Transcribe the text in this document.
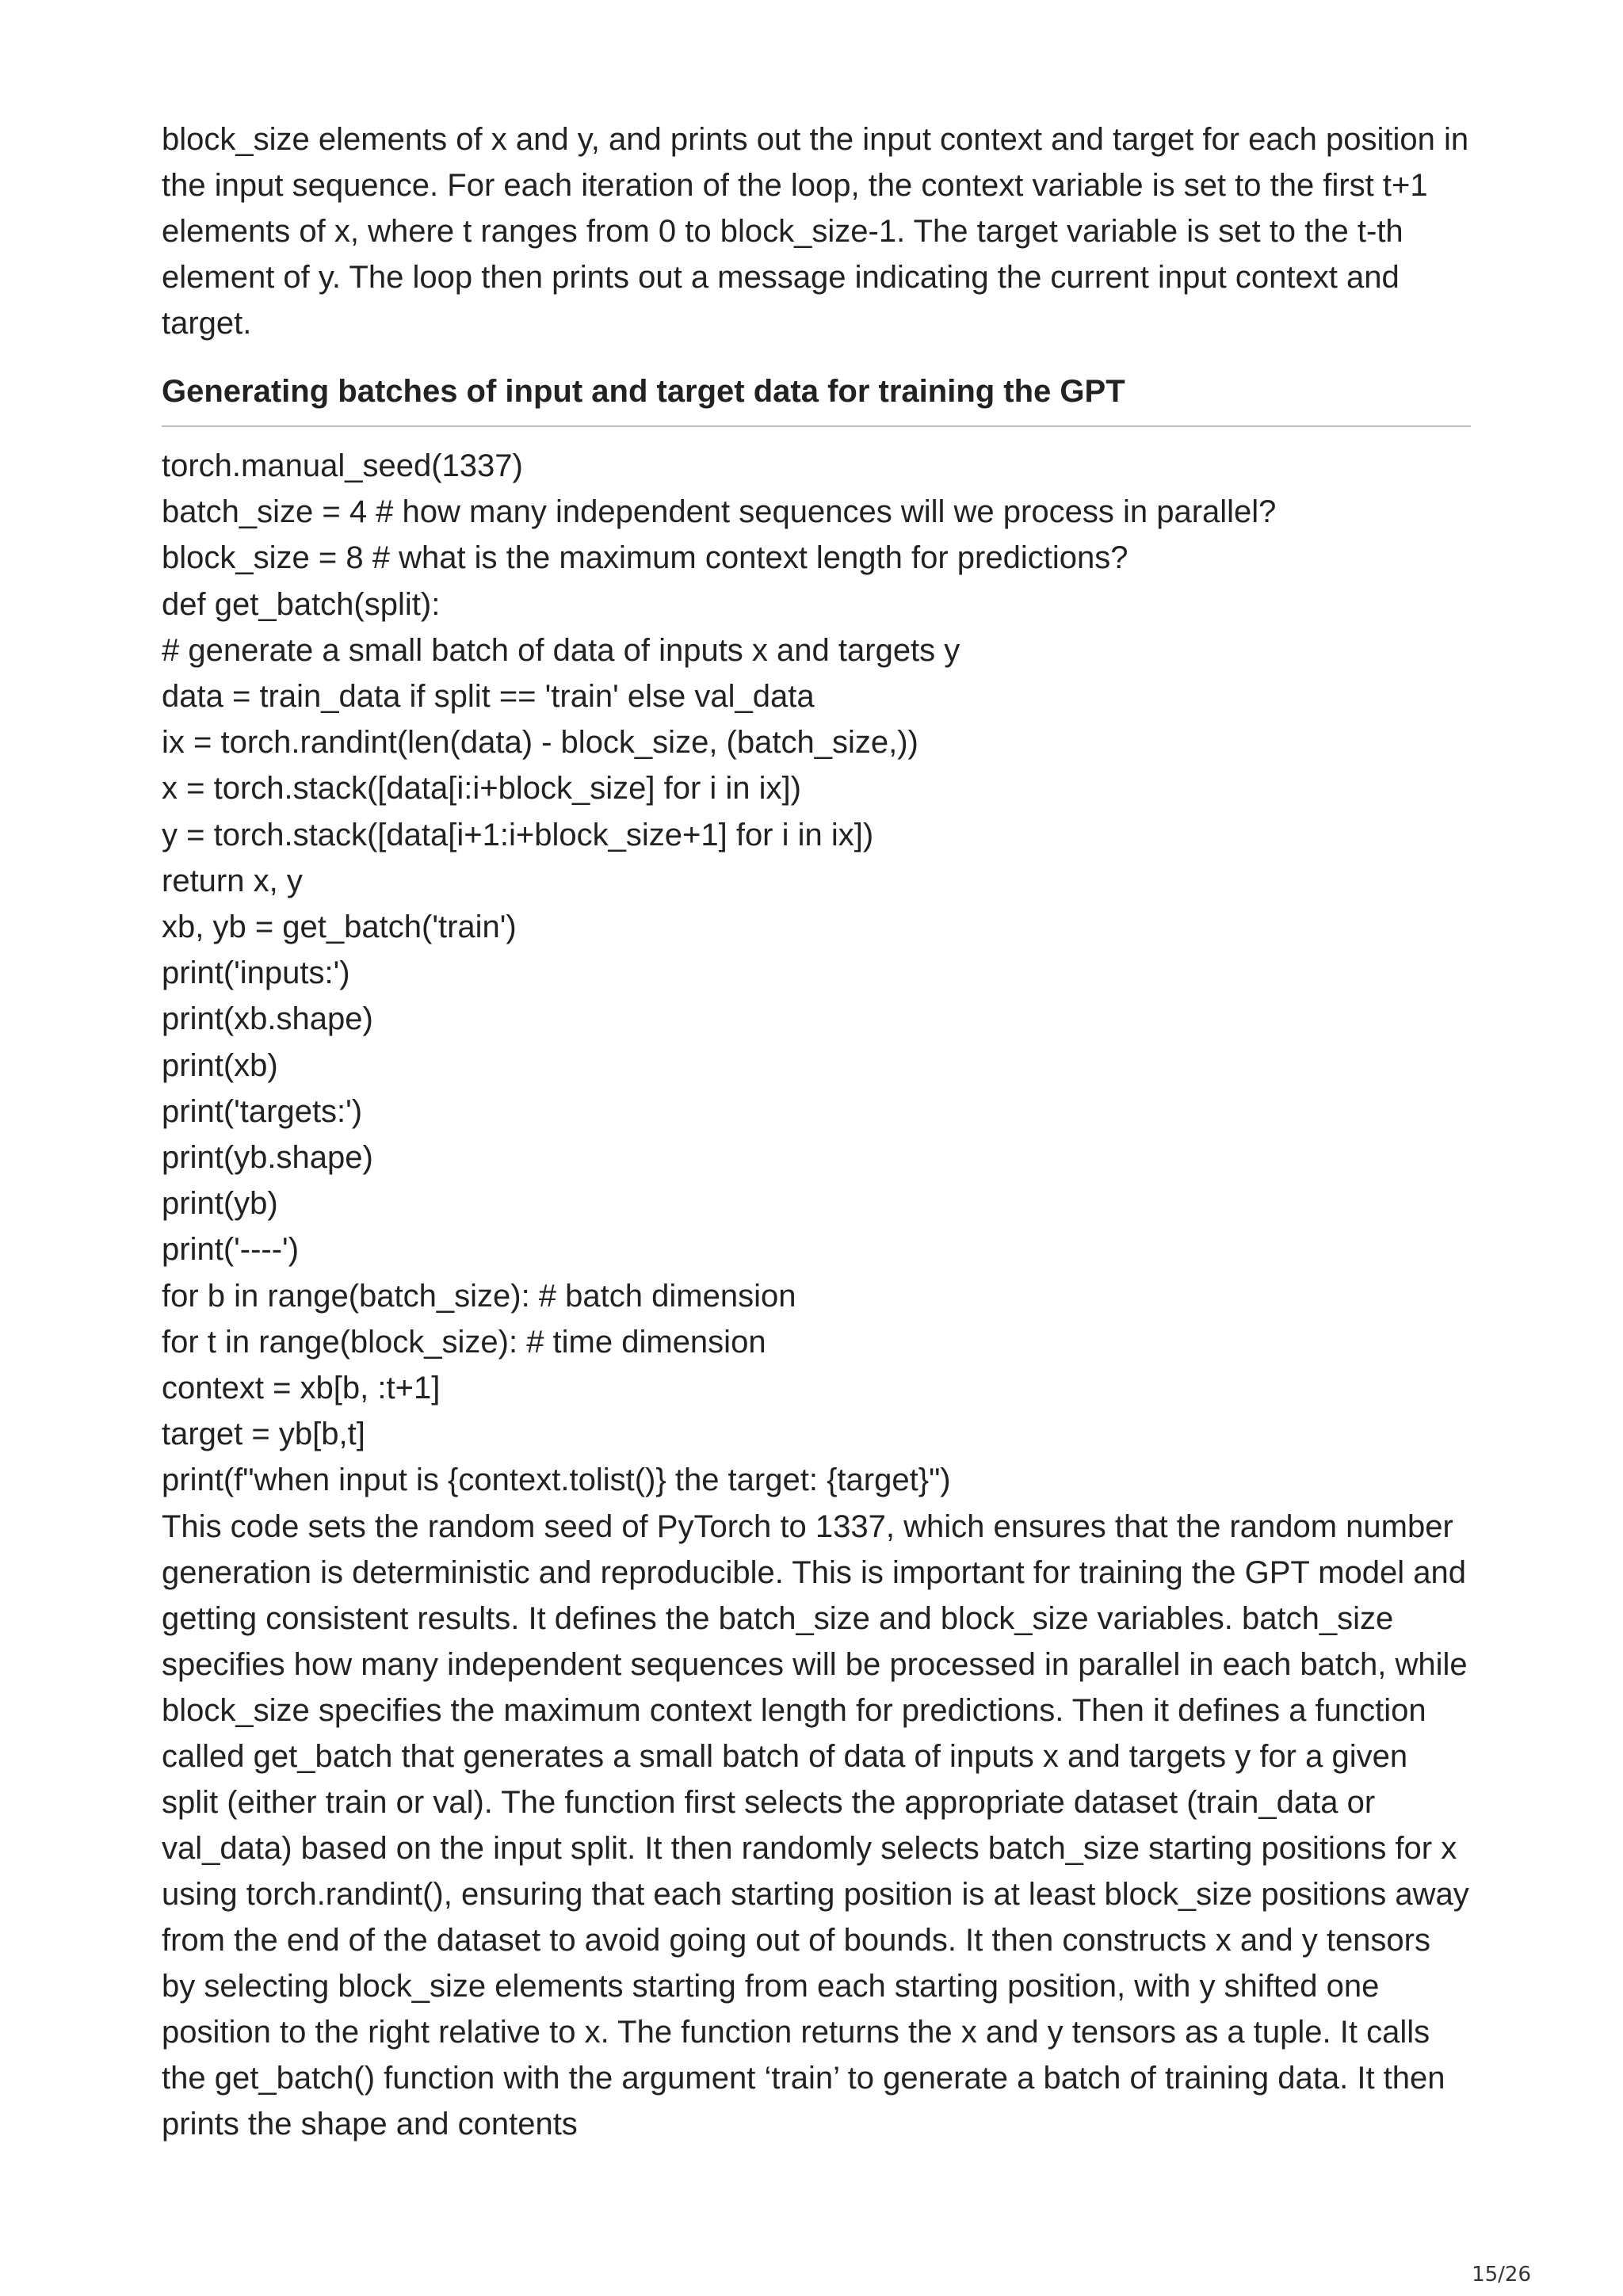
block_size elements of x and y, and prints out the input context and target for each position in the input sequence. For each iteration of the loop, the context variable is set to the first t+1 elements of x, where t ranges from 0 to block_size-1. The target variable is set to the t-th element of y. The loop then prints out a message indicating the current input context and target.

Generating batches of input and target data for training the GPT
torch.manual_seed(1337)
batch_size = 4 # how many independent sequences will we process in parallel?
block_size = 8 # what is the maximum context length for predictions?
def get_batch(split):
# generate a small batch of data of inputs x and targets y
data = train_data if split == 'train' else val_data
ix = torch.randint(len(data) - block_size, (batch_size,))
x = torch.stack([data[i:i+block_size] for i in ix])
y = torch.stack([data[i+1:i+block_size+1] for i in ix])
return x, y
xb, yb = get_batch('train')
print('inputs:')
print(xb.shape)
print(xb)
print('targets:')
print(yb.shape)
print(yb)
print('----')
for b in range(batch_size): # batch dimension
for t in range(block_size): # time dimension
context = xb[b, :t+1]
target = yb[b,t]
print(f"when input is {context.tolist()} the target: {target}")

This code sets the random seed of PyTorch to 1337, which ensures that the random number generation is deterministic and reproducible. This is important for training the GPT model and getting consistent results. It defines the batch_size and block_size variables. batch_size specifies how many independent sequences will be processed in parallel in each batch, while block_size specifies the maximum context length for predictions. Then it defines a function called get_batch that generates a small batch of data of inputs x and targets y for a given split (either train or val). The function first selects the appropriate dataset (train_data or val_data) based on the input split. It then randomly selects batch_size starting positions for x using torch.randint(), ensuring that each starting position is at least block_size positions away from the end of the dataset to avoid going out of bounds. It then constructs x and y tensors by selecting block_size elements starting from each starting position, with y shifted one position to the right relative to x. The function returns the x and y tensors as a tuple. It calls the get_batch() function with the argument ‘train’ to generate a batch of training data. It then prints the shape and contents

15/26
